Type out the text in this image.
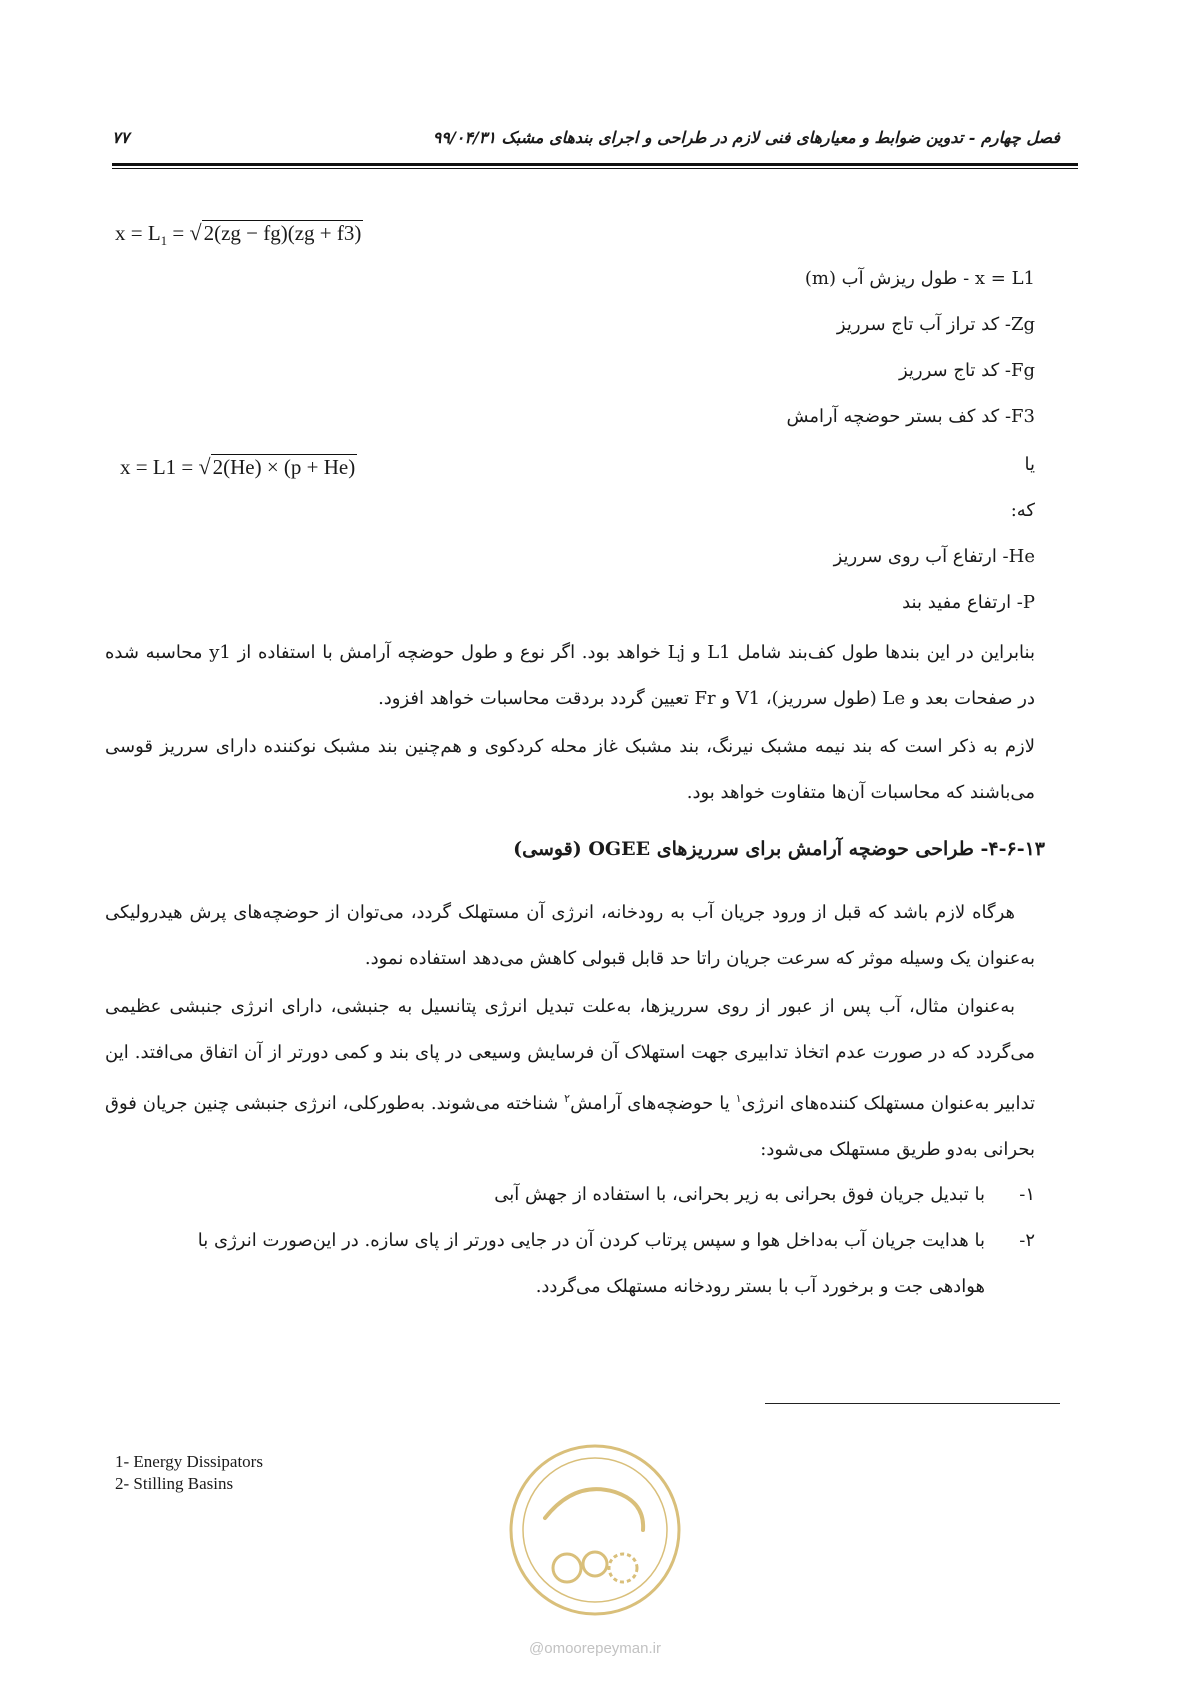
فصل چهارم - تدوین ضوابط و معیارهای فنی لازم در طراحی و اجرای بندهای مشبک ۹۹/۰۴/۳۱
۷۷
$x = L_1 = √2(zg - fg)(zg + f3)$
x = L1 - طول ریزش آب (m)
Zg- کد تراز آب تاج سرریز
Fg- کد تاج سرریز
F3- کد کف بستر حوضچه آرامش
x = L1 = √2(He) × (p + He)	یا
که:
He- ارتفاع آب روی سرریز
P- ارتفاع مفید بند
بنابراین در این بندها طول کف‌بند شامل L1 و Lj خواهد بود. اگر نوع و طول حوضچه آرامش با استفاده از y1 محاسبه شده در صفحات بعد و Le (طول سرریز)، V1 و Fr تعیین گردد بردقت محاسبات خواهد افزود.
لازم به ذکر است که بند نیمه مشبک نیرنگ، بند مشبک غاز محله کردکوی و هم‌چنین بند مشبک نوکننده دارای سرریز قوسی می‌باشند که محاسبات آن‌ها متفاوت خواهد بود.
۴-۶-۱۳- طراحی حوضچه آرامش برای سرریزهای OGEE (قوسی)
هرگاه لازم باشد که قبل از ورود جریان آب به رودخانه، انرژی آن مستهلک گردد، می‌توان از حوضچه‌های پرش هیدرولیکی به‌عنوان یک وسیله موثر که سرعت جریان راتا حد قابل قبولی کاهش می‌دهد استفاده نمود.
به‌عنوان مثال، آب پس از عبور از روی سرریزها، به‌علت تبدیل انرژی پتانسیل به جنبشی، دارای انرژی جنبشی عظیمی می‌گردد که در صورت عدم اتخاذ تدابیری جهت استهلاک آن فرسایش وسیعی در پای بند و کمی دورتر از آن اتفاق می‌افتد. این تدابیر به‌عنوان مستهلک کننده‌های انرژی$^۱$ یا حوضچه‌های آرامش$^۲$ شناخته می‌شوند. به‌طورکلی، انرژی جنبشی چنین جریان فوق بحرانی به‌دو طریق مستهلک می‌شود:
۱-با تبدیل جریان فوق بحرانی به زیر بحرانی، با استفاده از جهش آبی
۲-با هدایت جریان آب به‌داخل هوا و سپس پرتاب کردن آن در جایی دورتر از پای سازه. در این‌صورت انرژی با
هوادهی جت و برخورد آب با بستر رودخانه مستهلک می‌گردد.
1- Energy Dissipators
2- Stilling Basins
@omoorepeyman.ir
